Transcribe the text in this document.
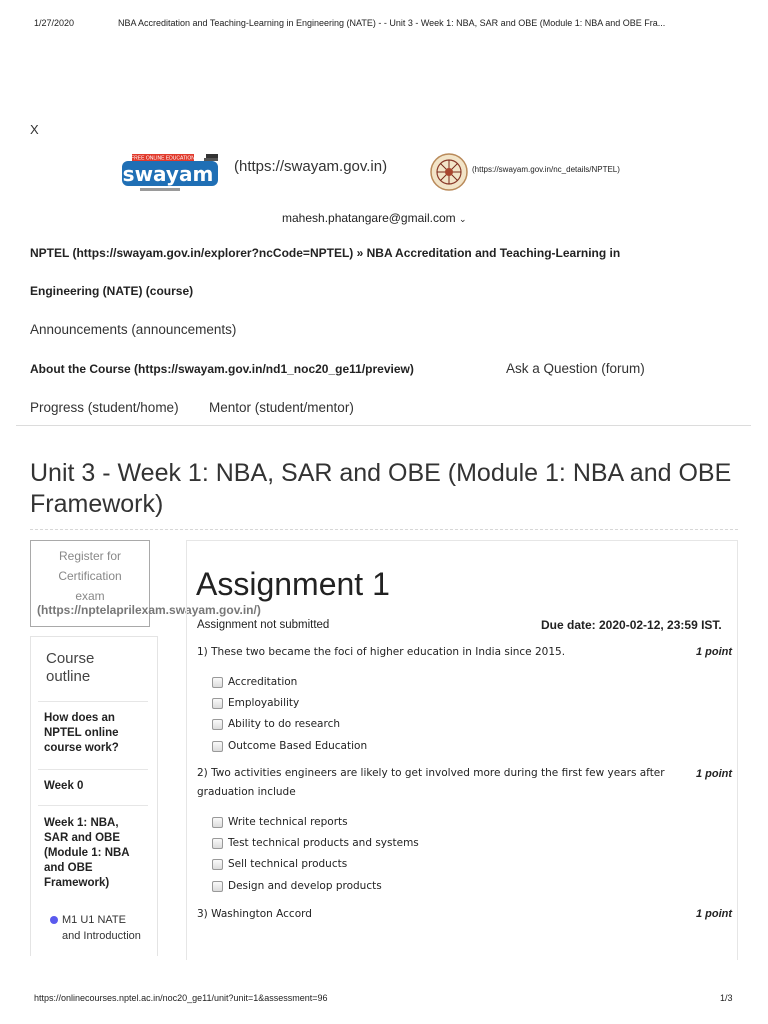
1/27/2020	NBA Accreditation and Teaching-Learning in Engineering (NATE) - - Unit 3 - Week 1: NBA, SAR and OBE (Module 1: NBA and OBE Fra...
X
FREE ONLINE EDUCATION
swayam (https://swayam.gov.in)	(https://swayam.gov.in/nc_details/NPTEL)
mahesh.phatangare@gmail.com ⌄
NPTEL (https://swayam.gov.in/explorer?ncCode=NPTEL) » NBA Accreditation and Teaching-Learning in
Engineering (NATE) (course)
Announcements (announcements)
About the Course (https://swayam.gov.in/nd1_noc20_ge11/preview)	Ask a Question (forum)
Progress (student/home) Mentor (student/mentor)
Unit 3 - Week 1: NBA, SAR and OBE (Module 1: NBA and OBE Framework)
Register for
Certification
exam
(https://nptelaprilexam.swayam.gov.in/)
Course
outline
How does an
NPTEL online
course work?
Week 0
Week 1: NBA,
SAR and OBE
(Module 1: NBA
and OBE
Framework)
M1 U1 NATE
and Introduction
Assignment 1
Assignment not submitted	Due date: 2020-02-12, 23:59 IST.
1) These two became the foci of higher education in India since 2015.	1 point
Accreditation
Employability
Ability to do research
Outcome Based Education
2) Two activities engineers are likely to get involved more during the first few years after graduation include
1 point
Write technical reports
Test technical products and systems
Sell technical products
Design and develop products
3) Washington Accord	1 point
https://onlinecourses.nptel.ac.in/noc20_ge11/unit?unit=1&assessment=96	1/3
